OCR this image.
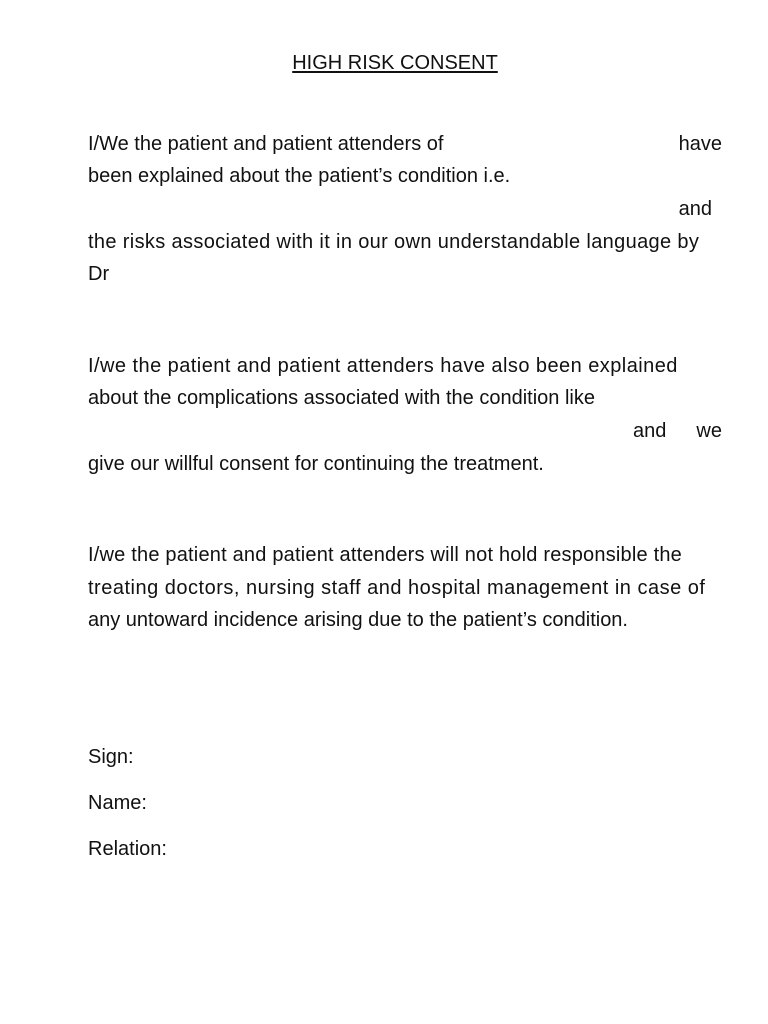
HIGH RISK CONSENT
I/We the patient and patient attenders of	have
been explained about the patient’s condition i.e.
and
the risks associated with it in our own understandable language by
Dr
I/we the patient and patient attenders have also been explained
about the complications associated with the condition like
and we
give our willful consent for continuing the treatment.
I/we the patient and patient attenders will not hold responsible the
treating doctors, nursing staff and hospital management in case of
any untoward incidence arising due to the patient’s condition.
Sign:
Name:
Relation:
